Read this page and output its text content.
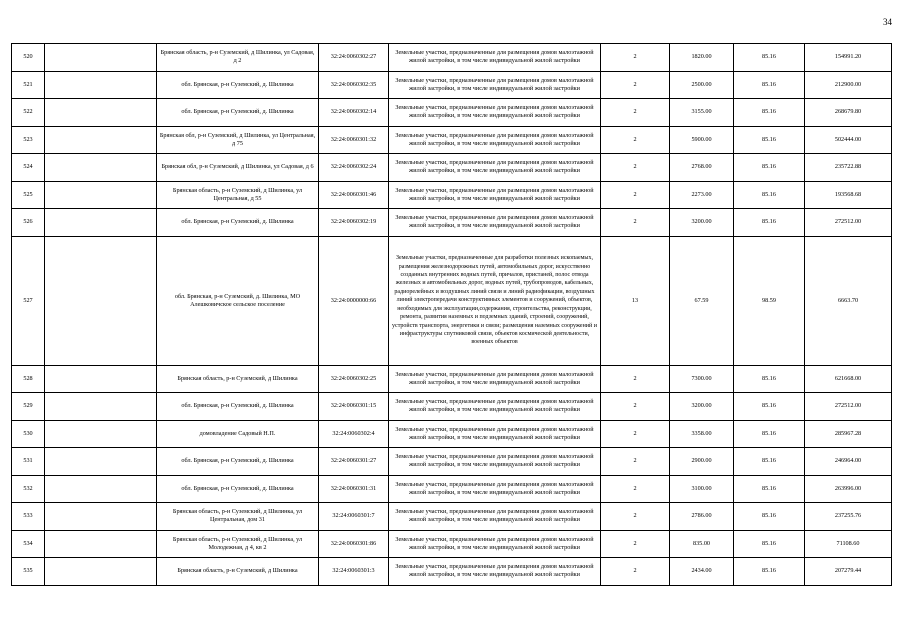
34
520		Брянская область, р-н Суземский, д Шилинка, ул Садовая, д 2	32:24:0060302:27	Земельные участки, предназначенные для размещения домов малоэтажной жилой застройки, в том числе индивидуальной жилой застройки	2	1820.00	85.16	154991.20
521		обл. Брянская, р-н Суземский, д. Шилинка	32:24:0060302:35	Земельные участки, предназначенные для размещения домов малоэтажной жилой застройки, в том числе индивидуальной жилой застройки	2	2500.00	85.16	212900.00
522		обл. Брянская, р-н Суземский, д. Шилинка	32:24:0060302:14	Земельные участки, предназначенные для размещения домов малоэтажной жилой застройки, в том числе индивидуальной жилой застройки	2	3155.00	85.16	268679.80
523		Брянская обл, р-н Суземский, д Шилинка, ул Центральная, д 75	32:24:0060301:32	Земельные участки, предназначенные для размещения домов малоэтажной жилой застройки, в том числе индивидуальной жилой застройки	2	5900.00	85.16	502444.00
524		Брянская обл, р-н Суземский, д Шилинка, ул Садовая, д 6	32:24:0060302:24	Земельные участки, предназначенные для размещения домов малоэтажной жилой застройки, в том числе индивидуальной жилой застройки	2	2768.00	85.16	235722.88
525		Брянская область, р-н Суземский, д Шилинка, ул Центральная, д 55	32:24:0060301:46	Земельные участки, предназначенные для размещения домов малоэтажной жилой застройки, в том числе индивидуальной жилой застройки	2	2273.00	85.16	193568.68
526		обл. Брянская, р-н Суземский, д. Шилинка	32:24:0060302:19	Земельные участки, предназначенные для размещения домов малоэтажной жилой застройки, в том числе индивидуальной жилой застройки	2	3200.00	85.16	272512.00
527		обл. Брянская, р-н Суземский, д. Шилинка, МО Алешковичское сельское поселение	32:24:0000000:66	Земельные участки, предназначенные для разработки полезных ископаемых, размещения железнодорожных путей, автомобильных дорог, искусственно созданных внутренних водных путей, причалов, пристаней, полос отвода железных и автомобильных дорог, водных путей, трубопроводов, кабельных, радиорелейных и воздушных линий связи и линий радиофикации, воздушных линий электропередачи конструктивных элементов и сооружений, объектов, необходимых для эксплуатации,содержания, строительства, реконструкции, ремонта, развития наземных и подземных зданий, строений, сооружений, устройств транспорта, энергетики и связи; размещения наземных сооружений и инфраструктуры спутниковой связи, объектов космической деятельности, военных объектов	13	67.59	98.59	6663.70
528		Брянская область, р-н Суземский, д Шилинка	32:24:0060302:25	Земельные участки, предназначенные для размещения домов малоэтажной жилой застройки, в том числе индивидуальной жилой застройки	2	7300.00	85.16	621668.00
529		обл. Брянская, р-н Суземский, д. Шилинка	32:24:0060301:15	Земельные участки, предназначенные для размещения домов малоэтажной жилой застройки, в том числе индивидуальной жилой застройки	2	3200.00	85.16	272512.00
530		домовладение Садовый Н.П.	32:24:0060302:4	Земельные участки, предназначенные для размещения домов малоэтажной жилой застройки, в том числе индивидуальной жилой застройки	2	3358.00	85.16	285967.28
531		обл. Брянская, р-н Суземский, д. Шилинка	32:24:0060301:27	Земельные участки, предназначенные для размещения домов малоэтажной жилой застройки, в том числе индивидуальной жилой застройки	2	2900.00	85.16	246964.00
532		обл. Брянская, р-н Суземский, д. Шилинка	32:24:0060301:31	Земельные участки, предназначенные для размещения домов малоэтажной жилой застройки, в том числе индивидуальной жилой застройки	2	3100.00	85.16	263996.00
533		Брянская область, р-н Суземский, д Шилинка, ул Центральная, дом 31	32:24:0060301:7	Земельные участки, предназначенные для размещения домов малоэтажной жилой застройки, в том числе индивидуальной жилой застройки	2	2786.00	85.16	237255.76
534		Брянская область, р-н Суземский, д Шилинка, ул Молодежная, д 4, кв 2	32:24:0060301:86	Земельные участки, предназначенные для размещения домов малоэтажной жилой застройки, в том числе индивидуальной жилой застройки	2	835.00	85.16	71108.60
535		Брянская область, р-н Суземский, д Шилинка	32:24:0060301:3	Земельные участки, предназначенные для размещения домов малоэтажной жилой застройки, в том числе индивидуальной жилой застройки	2	2434.00	85.16	207279.44
